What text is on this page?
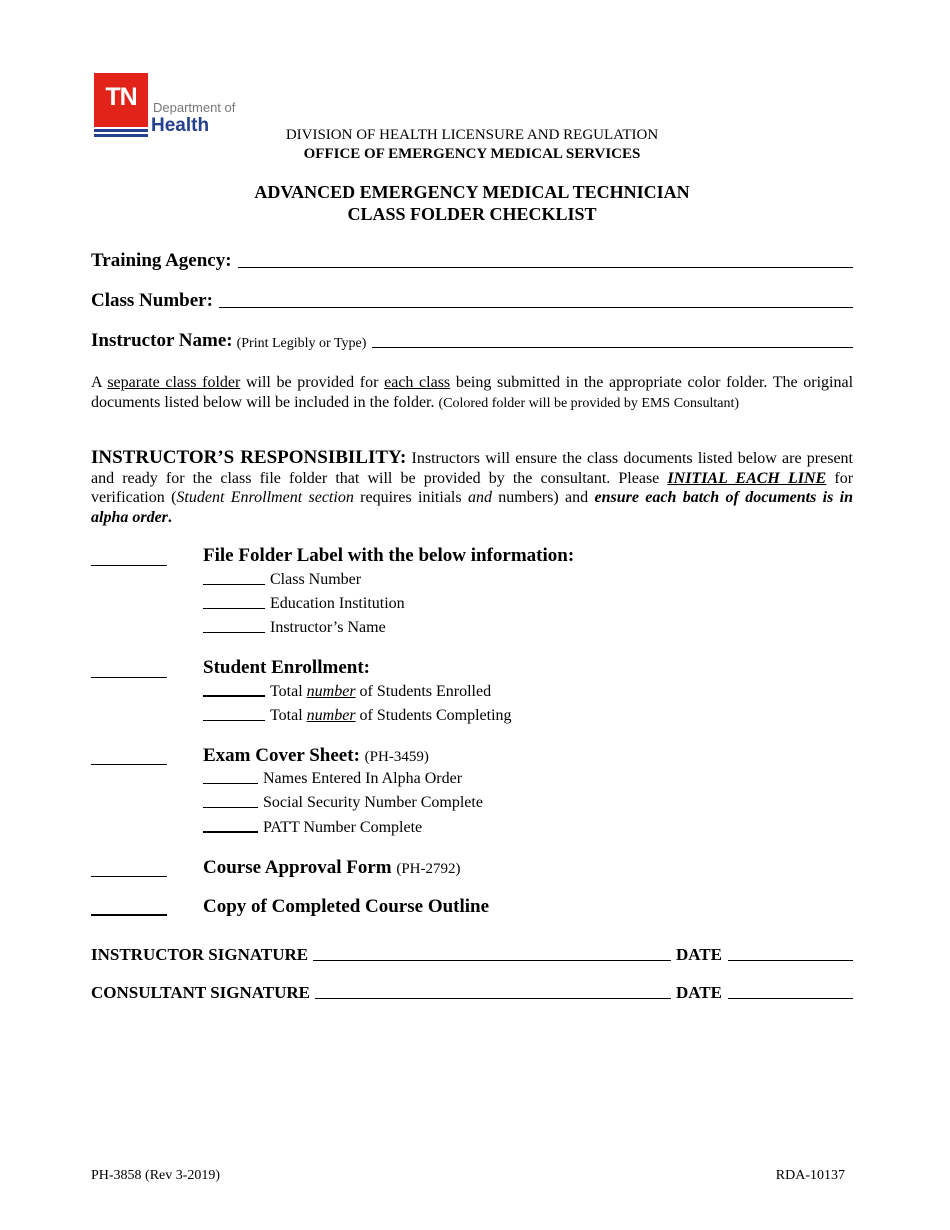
TN	Department of
Health	DIVISION OF HEALTH LICENSURE AND REGULATION
OFFICE OF EMERGENCY MEDICAL SERVICES
ADVANCED EMERGENCY MEDICAL TECHNICIAN
CLASS FOLDER CHECKLIST
Training Agency:
Class Number:
Instructor Name: (Print Legibly or Type)
A separate class folder will be provided for each class being submitted in the appropriate color folder. The original documents listed below will be included in the folder. (Colored folder will be provided by EMS Consultant)
INSTRUCTOR’S RESPONSIBILITY: Instructors will ensure the class documents listed below are present and ready for the class file folder that will be provided by the consultant. Please INITIAL EACH LINE for verification (Student Enrollment section requires initials and numbers) and ensure each batch of documents is in alpha order.
File Folder Label with the below information:
Class Number
Education Institution
Instructor’s Name
Student Enrollment:
Total number of Students Enrolled
Total number of Students Completing
Exam Cover Sheet: (PH-3459)
Names Entered In Alpha Order
Social Security Number Complete
PATT Number Complete
Course Approval Form (PH-2792)
Copy of Completed Course Outline
INSTRUCTOR SIGNATURE	DATE
CONSULTANT SIGNATURE	DATE
PH-3858 (Rev 3-2019)	RDA-10137
